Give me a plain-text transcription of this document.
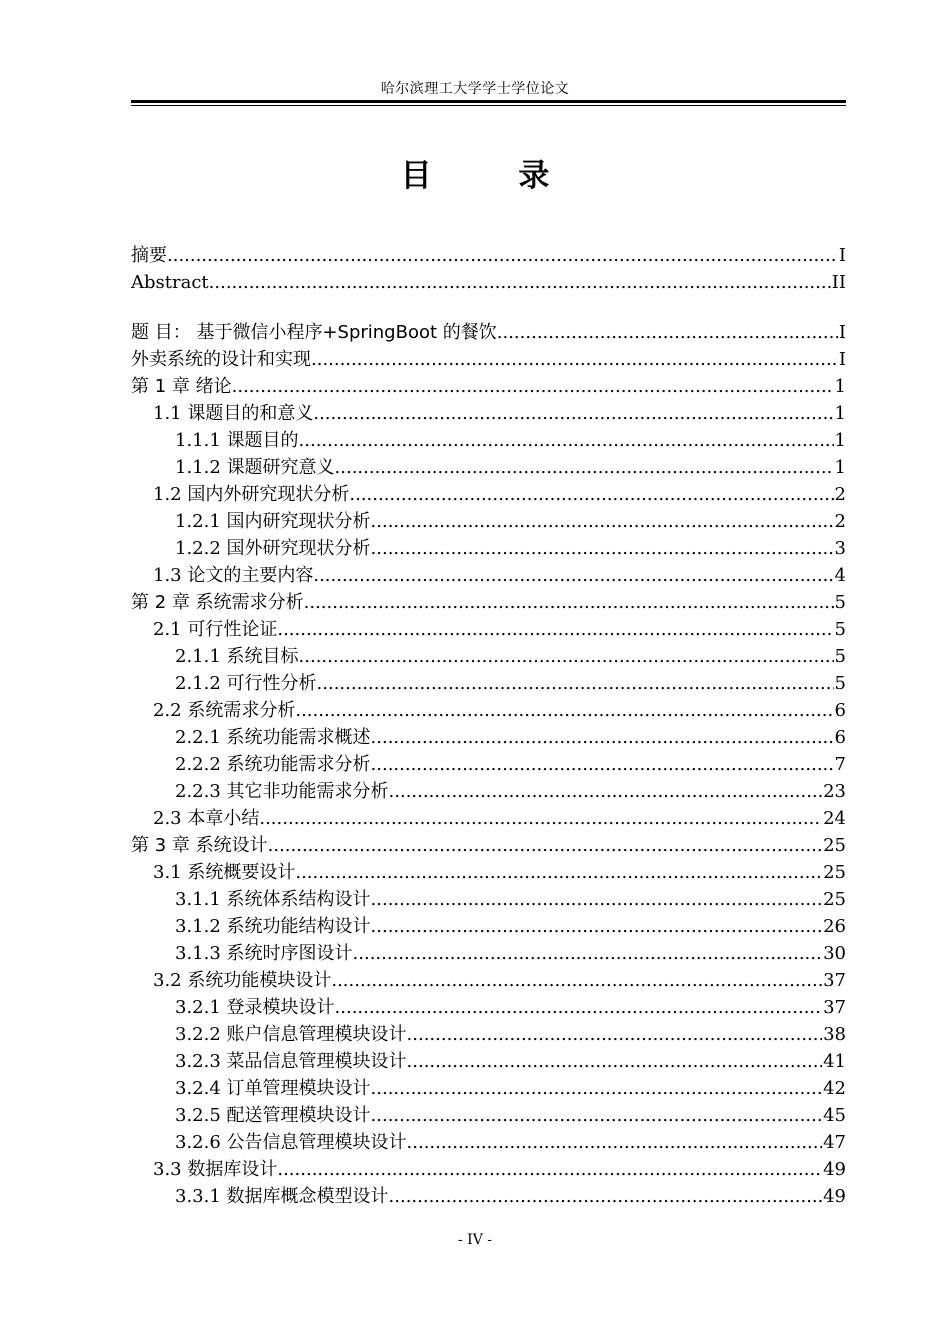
哈尔滨理工大学学士学位论文
目 录
摘要 .....	I
Abstract .....	II
题 目： 基于微信小程序+SpringBoot 的餐饮 .....	I
外卖系统的设计和实现 .....	I
第 1 章 绪论 .....	1
1.1 课题目的和意义 .....	1
1.1.1 课题目的 .....	1
1.1.2 课题研究意义 .....	1
1.2 国内外研究现状分析 .....	2
1.2.1 国内研究现状分析 .....	2
1.2.2 国外研究现状分析 .....	3
1.3 论文的主要内容 .....	4
第 2 章 系统需求分析 .....	5
2.1 可行性论证 .....	5
2.1.1 系统目标 .....	5
2.1.2 可行性分析 .....	5
2.2 系统需求分析 .....	6
2.2.1 系统功能需求概述 .....	6
2.2.2 系统功能需求分析 .....	7
2.2.3 其它非功能需求分析 .....	23
2.3 本章小结 .....	24
第 3 章 系统设计 .....	25
3.1 系统概要设计 .....	25
3.1.1 系统体系结构设计 .....	25
3.1.2 系统功能结构设计 .....	26
3.1.3 系统时序图设计 .....	30
3.2 系统功能模块设计 .....	37
3.2.1 登录模块设计 .....	37
3.2.2 账户信息管理模块设计 .....	38
3.2.3 菜品信息管理模块设计 .....	41
3.2.4 订单管理模块设计 .....	42
3.2.5 配送管理模块设计 .....	45
3.2.6 公告信息管理模块设计 .....	47
3.3 数据库设计 .....	49
3.3.1 数据库概念模型设计 .....	49
- IV -
